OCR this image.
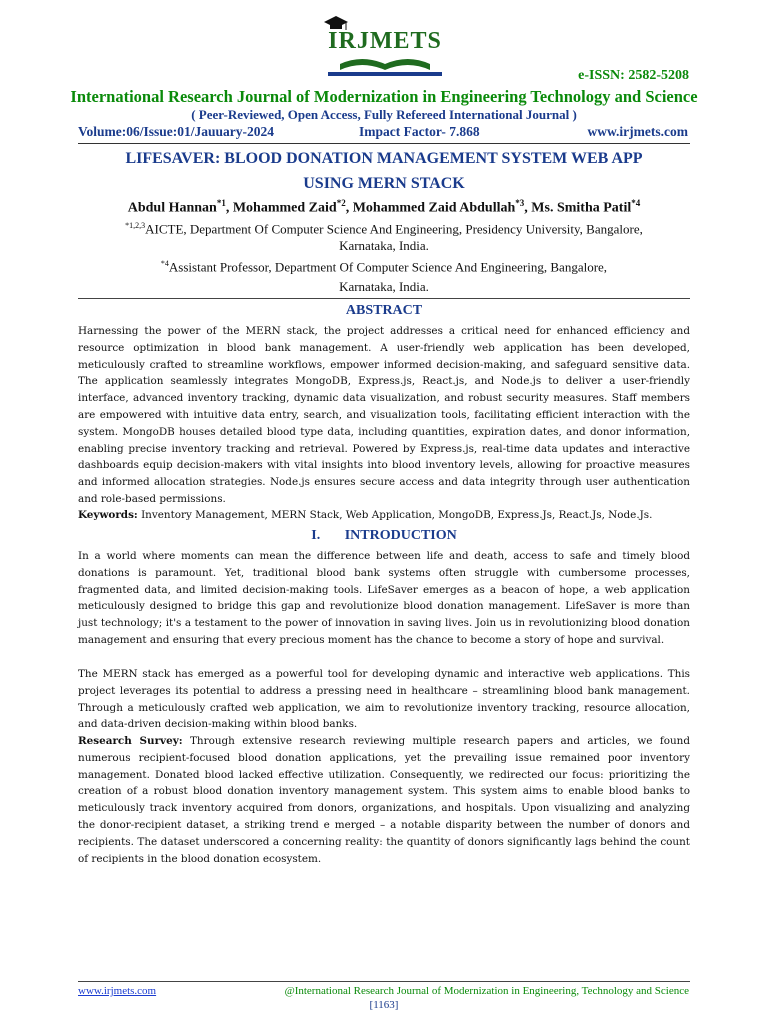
IRJMETS
e-ISSN: 2582-5208
International Research Journal of Modernization in Engineering Technology and Science
( Peer-Reviewed, Open Access, Fully Refereed International Journal )
Volume:06/Issue:01/Jauuary-2024	Impact Factor- 7.868	www.irjmets.com
LIFESAVER: BLOOD DONATION MANAGEMENT SYSTEM WEB APP
USING MERN STACK
Abdul Hannan$^{*1}$, Mohammed Zaid$^{*2}$, Mohammed Zaid Abdullah$^{*3}$, Ms. Smitha Patil$^{*4}$
$^{*1,2,3}$AICTE, Department Of Computer Science And Engineering, Presidency University, Bangalore,
Karnataka, India.
$^{*4}$Assistant Professor, Department Of Computer Science And Engineering, Bangalore,
Karnataka, India.
ABSTRACT

Harnessing the power of the MERN stack, the project addresses a critical need for enhanced efficiency and resource optimization in blood bank management. A user-friendly web application has been developed, meticulously crafted to streamline workflows, empower informed decision-making, and safeguard sensitive data. The application seamlessly integrates MongoDB, Express.js, React.js, and Node.js to deliver a user-friendly interface, advanced inventory tracking, dynamic data visualization, and robust security measures. Staff members are empowered with intuitive data entry, search, and visualization tools, facilitating efficient interaction with the system. MongoDB houses detailed blood type data, including quantities, expiration dates, and donor information, enabling precise inventory tracking and retrieval. Powered by Express.js, real-time data updates and interactive dashboards equip decision-makers with vital insights into blood inventory levels, allowing for proactive measures and informed allocation strategies. Node.js ensures secure access and data integrity through user authentication and role-based permissions.

Keywords: Inventory Management, MERN Stack, Web Application, MongoDB, Express.Js, React.Js, Node.Js.

I.       INTRODUCTION

In a world where moments can mean the difference between life and death, access to safe and timely blood donations is paramount. Yet, traditional blood bank systems often struggle with cumbersome processes, fragmented data, and limited decision-making tools. LifeSaver emerges as a beacon of hope, a web application meticulously designed to bridge this gap and revolutionize blood donation management. LifeSaver is more than just technology; it's a testament to the power of innovation in saving lives. Join us in revolutionizing blood donation management and ensuring that every precious moment has the chance to become a story of hope and survival.

The MERN stack has emerged as a powerful tool for developing dynamic and interactive web applications. This project leverages its potential to address a pressing need in healthcare – streamlining blood bank management. Through a meticulously crafted web application, we aim to revolutionize inventory tracking, resource allocation, and data-driven decision-making within blood banks.

Research Survey: Through extensive research reviewing multiple research papers and articles, we found numerous recipient-focused blood donation applications, yet the prevailing issue remained poor inventory management. Donated blood lacked effective utilization. Consequently, we redirected our focus: prioritizing the creation of a robust blood donation inventory management system. This system aims to enable blood banks to meticulously track inventory acquired from donors, organizations, and hospitals. Upon visualizing and analyzing the donor-recipient dataset, a striking trend e merged – a notable disparity between the number of donors and recipients. The dataset underscored a concerning reality: the quantity of donors significantly lags behind the count of recipients in the blood donation ecosystem.

www.irjmets.com	@International Research Journal of Modernization in Engineering, Technology and Science
[1163]
